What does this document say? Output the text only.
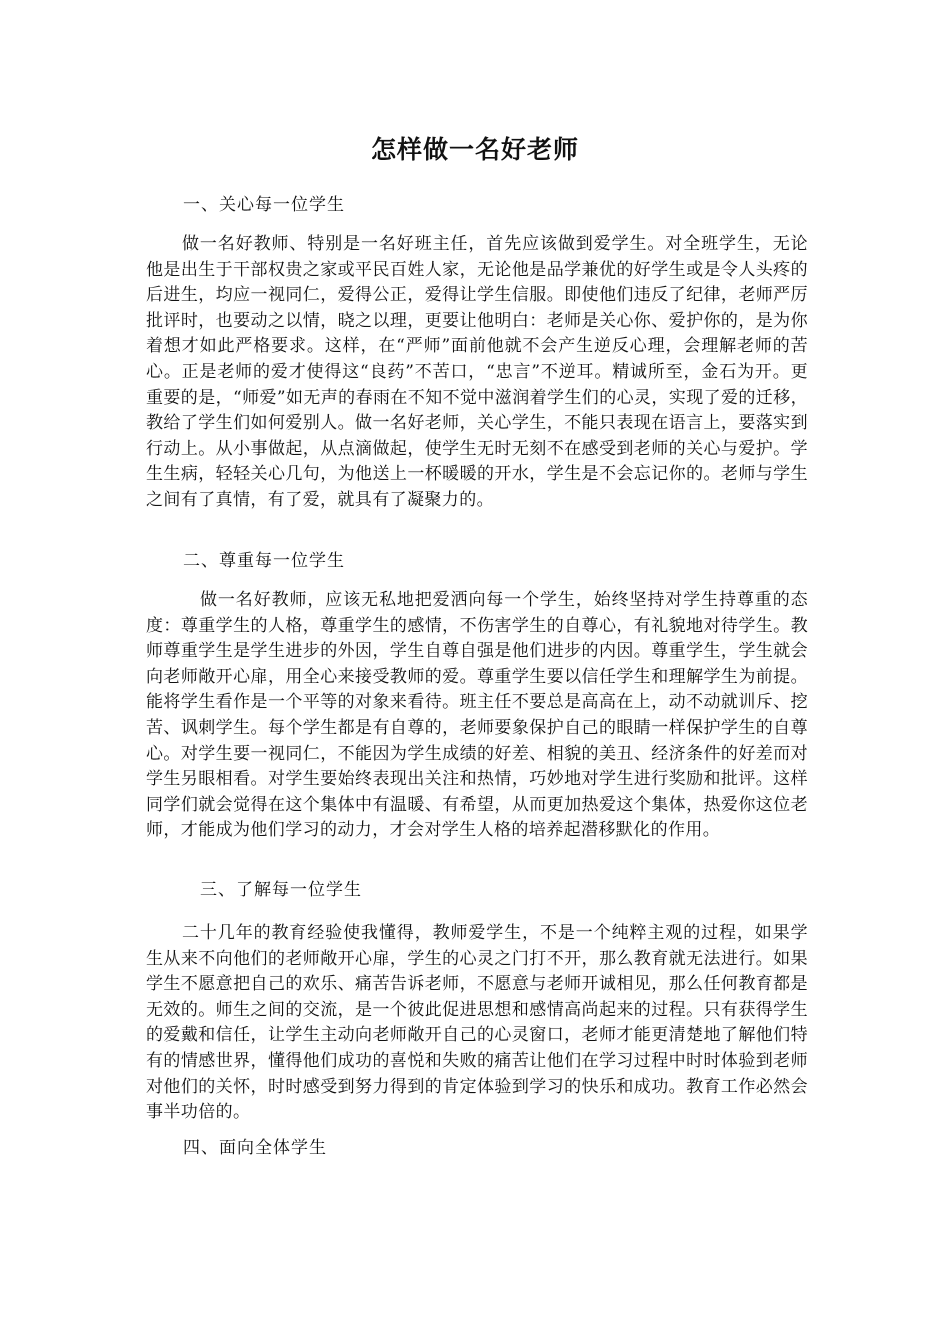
怎样做一名好老师
一、关心每一位学生
做一名好教师、特别是一名好班主任，首先应该做到爱学生。对全班学生，无论他是出生于干部权贵之家或平民百姓人家，无论他是品学兼优的好学生或是令人头疼的后进生，均应一视同仁，爱得公正，爱得让学生信服。即使他们违反了纪律，老师严厉批评时，也要动之以情，晓之以理，更要让他明白：老师是关心你、爱护你的，是为你着想才如此严格要求。这样，在“严师”面前他就不会产生逆反心理，会理解老师的苦心。正是老师的爱才使得这“良药”不苦口，“忠言”不逆耳。精诚所至，金石为开。更重要的是，“师爱”如无声的春雨在不知不觉中滋润着学生们的心灵，实现了爱的迁移，教给了学生们如何爱别人。做一名好老师，关心学生，不能只表现在语言上，要落实到行动上。从小事做起，从点滴做起，使学生无时无刻不在感受到老师的关心与爱护。学生生病，轻轻关心几句，为他送上一杯暖暖的开水，学生是不会忘记你的。老师与学生之间有了真情，有了爱，就具有了凝聚力的。
二、尊重每一位学生
做一名好教师，应该无私地把爱洒向每一个学生，始终坚持对学生持尊重的态度：尊重学生的人格，尊重学生的感情，不伤害学生的自尊心，有礼貌地对待学生。教师尊重学生是学生进步的外因，学生自尊自强是他们进步的内因。尊重学生，学生就会向老师敞开心扉，用全心来接受教师的爱。尊重学生要以信任学生和理解学生为前提。能将学生看作是一个平等的对象来看待。班主任不要总是高高在上，动不动就训斥、挖苦、讽刺学生。每个学生都是有自尊的，老师要象保护自己的眼睛一样保护学生的自尊心。对学生要一视同仁，不能因为学生成绩的好差、相貌的美丑、经济条件的好差而对学生另眼相看。对学生要始终表现出关注和热情，巧妙地对学生进行奖励和批评。这样同学们就会觉得在这个集体中有温暖、有希望，从而更加热爱这个集体，热爱你这位老师，才能成为他们学习的动力，才会对学生人格的培养起潜移默化的作用。
三、了解每一位学生
二十几年的教育经验使我懂得，教师爱学生，不是一个纯粹主观的过程，如果学生从来不向他们的老师敞开心扉，学生的心灵之门打不开，那么教育就无法进行。如果学生不愿意把自己的欢乐、痛苦告诉老师，不愿意与老师开诚相见，那么任何教育都是无效的。师生之间的交流，是一个彼此促进思想和感情高尚起来的过程。只有获得学生的爱戴和信任，让学生主动向老师敞开自己的心灵窗口，老师才能更清楚地了解他们特有的情感世界，懂得他们成功的喜悦和失败的痛苦让他们在学习过程中时时体验到老师对他们的关怀，时时感受到努力得到的肯定体验到学习的快乐和成功。教育工作必然会事半功倍的。
四、面向全体学生
